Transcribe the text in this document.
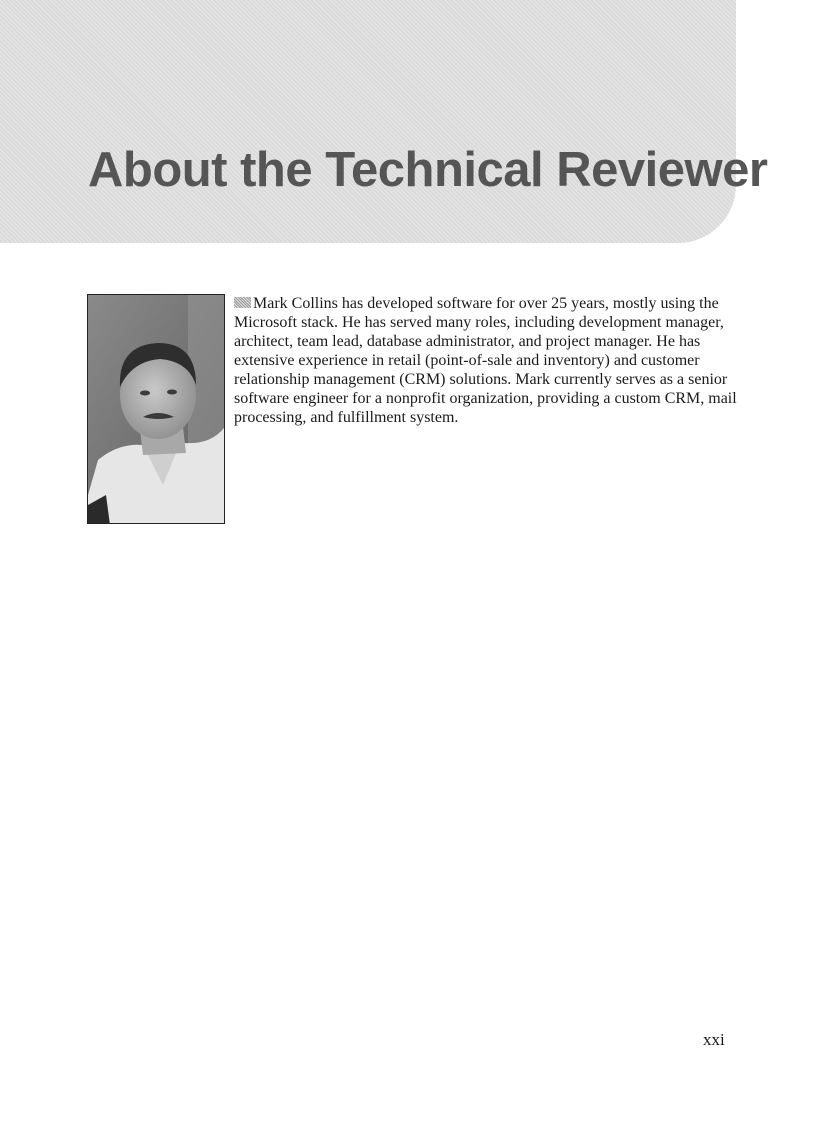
About the Technical Reviewer

Mark Collins has developed software for over 25 years, mostly using the Microsoft stack. He has served many roles, including development manager, architect, team lead, database administrator, and project manager. He has extensive experience in retail (point-of-sale and inventory) and customer relationship management (CRM) solutions. Mark currently serves as a senior software engineer for a nonprofit organization, providing a custom CRM, mail processing, and fulfillment system.

xxi
